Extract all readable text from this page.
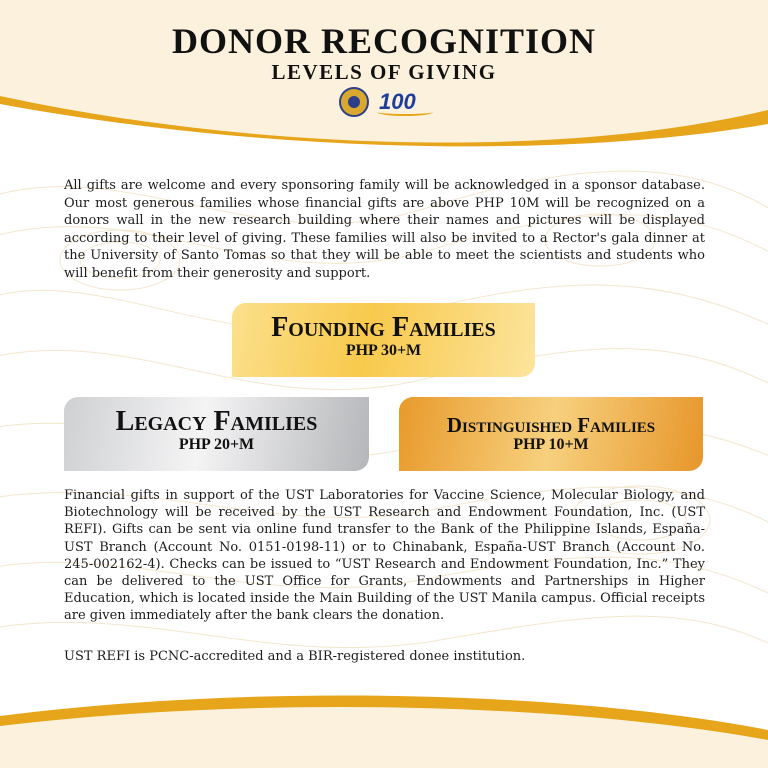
DONOR RECOGNITION
LEVELS OF GIVING
100

All gifts are welcome and every sponsoring family will be acknowledged in a sponsor database. Our most generous families whose financial gifts are above PHP 10M will be recognized on a donors wall in the new research building where their names and pictures will be displayed according to their level of giving. These families will also be invited to a Rector's gala dinner at the University of Santo Tomas so that they will be able to meet the scientists and students who will benefit from their generosity and support.

Founding Families
PHP 30+M
Legacy Families
PHP 20+M
Distinguished Families
PHP 10+M

Financial gifts in support of the UST Laboratories for Vaccine Science, Molecular Biology, and Biotechnology will be received by the UST Research and Endowment Foundation, Inc. (UST REFI). Gifts can be sent via online fund transfer to the Bank of the Philippine Islands, España-UST Branch (Account No. 0151-0198-11) or to Chinabank, España-UST Branch (Account No. 245-002162-4). Checks can be issued to “UST Research and Endowment Foundation, Inc.” They can be delivered to the UST Office for Grants, Endowments and Partnerships in Higher Education, which is located inside the Main Building of the UST Manila campus. Official receipts are given immediately after the bank clears the donation.

UST REFI is PCNC-accredited and a BIR-registered donee institution.
